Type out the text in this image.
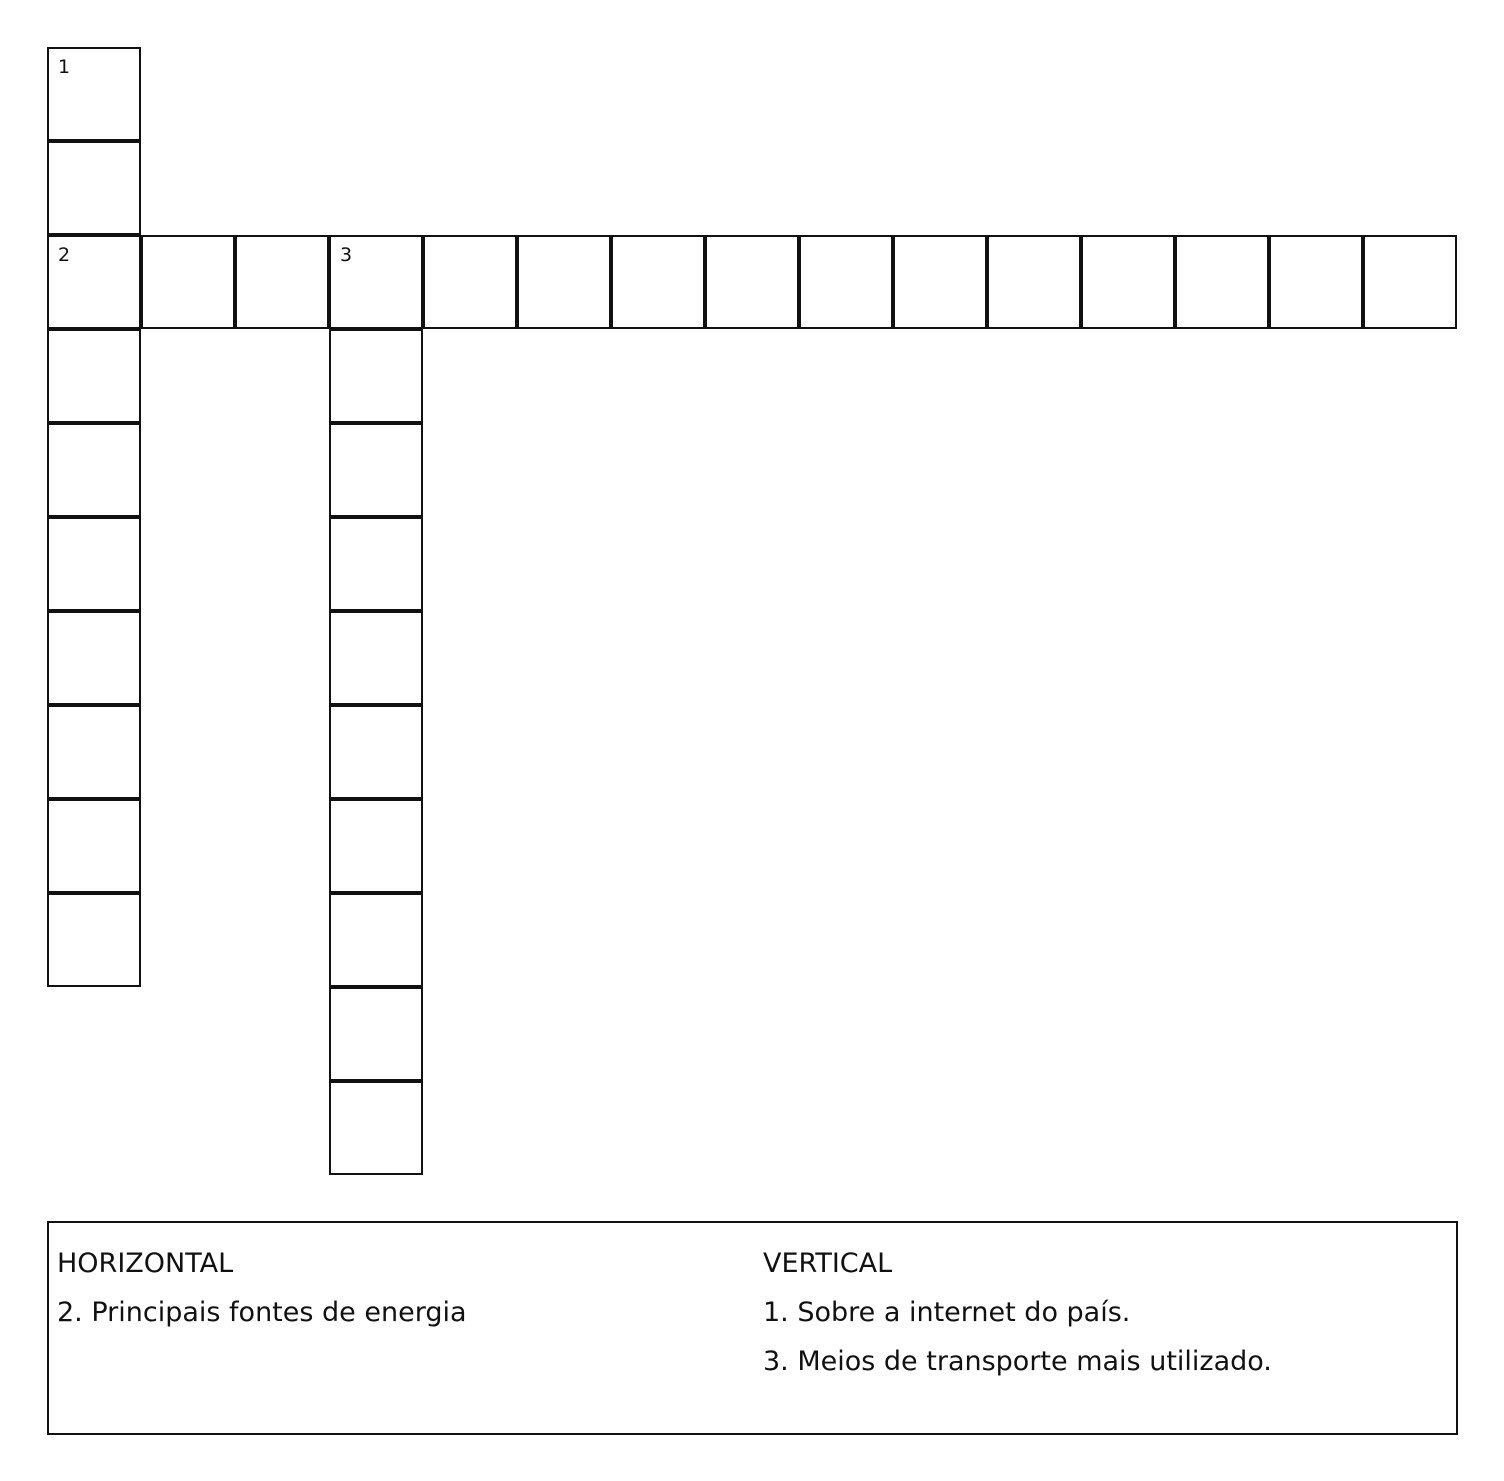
1
2	3
HORIZONTAL
2. Principais fontes de energia
VERTICAL
1. Sobre a internet do país.
3. Meios de transporte mais utilizado.
